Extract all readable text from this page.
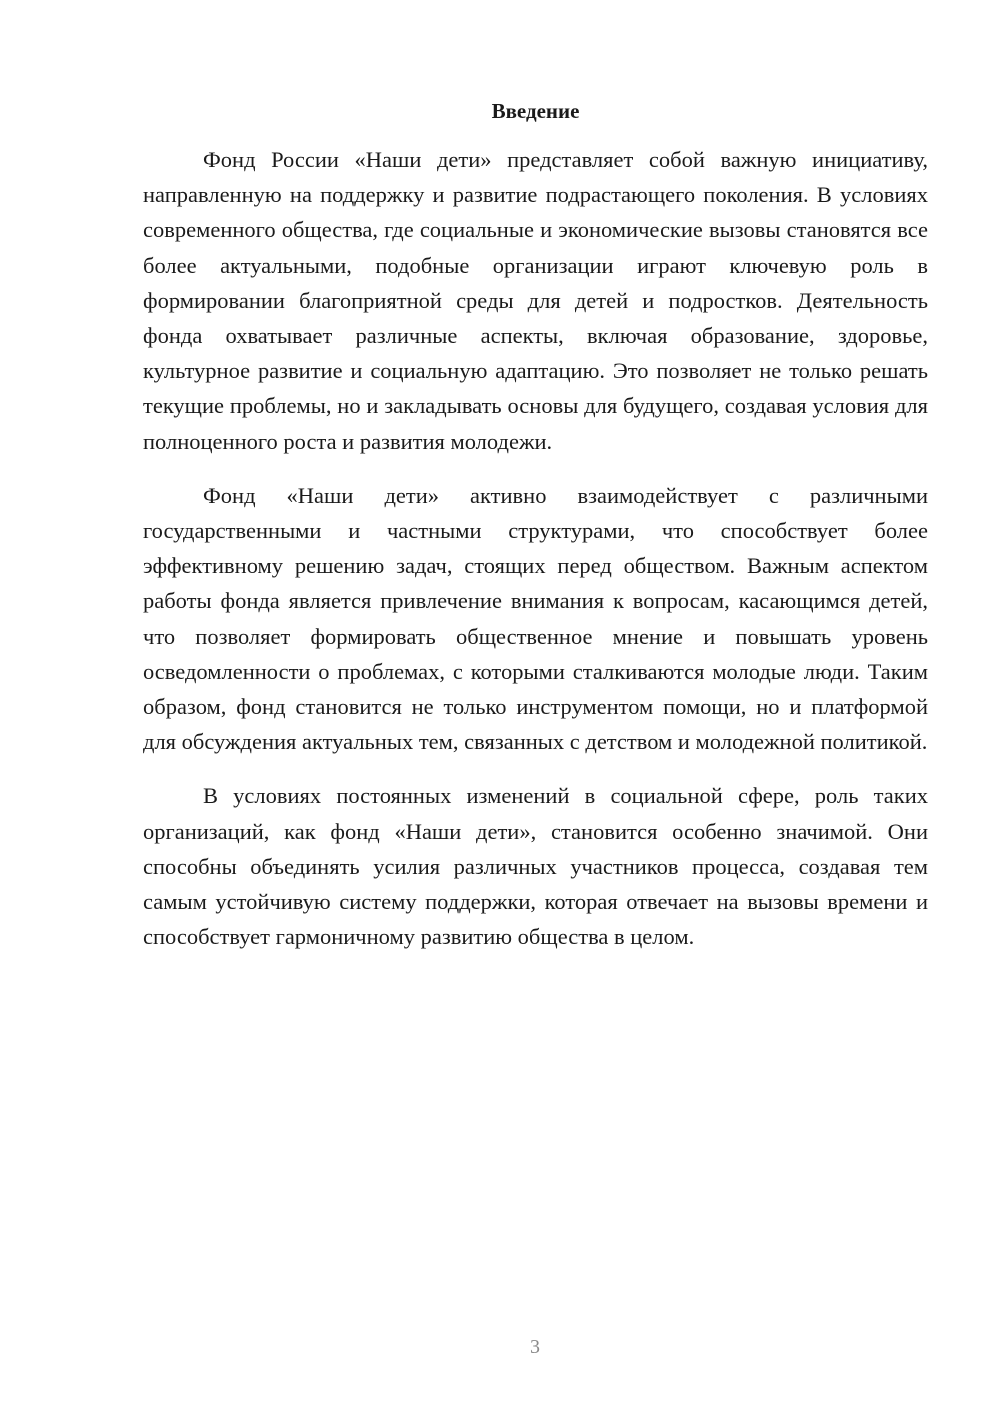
Введение

Фонд России «Наши дети» представляет собой важную инициативу, направленную на поддержку и развитие подрастающего поколения. В условиях современного общества, где социальные и экономические вызовы становятся все более актуальными, подобные организации играют ключевую роль в формировании благоприятной среды для детей и подростков. Деятельность фонда охватывает различные аспекты, включая образование, здоровье, культурное развитие и социальную адаптацию. Это позволяет не только решать текущие проблемы, но и закладывать основы для будущего, создавая условия для полноценного роста и развития молодежи.

Фонд «Наши дети» активно взаимодействует с различными государственными и частными структурами, что способствует более эффективному решению задач, стоящих перед обществом. Важным аспектом работы фонда является привлечение внимания к вопросам, касающимся детей, что позволяет формировать общественное мнение и повышать уровень осведомленности о проблемах, с которыми сталкиваются молодые люди. Таким образом, фонд становится не только инструментом помощи, но и платформой для обсуждения актуальных тем, связанных с детством и молодежной политикой.

В условиях постоянных изменений в социальной сфере, роль таких организаций, как фонд «Наши дети», становится особенно значимой. Они способны объединять усилия различных участников процесса, создавая тем самым устойчивую систему поддержки, которая отвечает на вызовы времени и способствует гармоничному развитию общества в целом.

3
